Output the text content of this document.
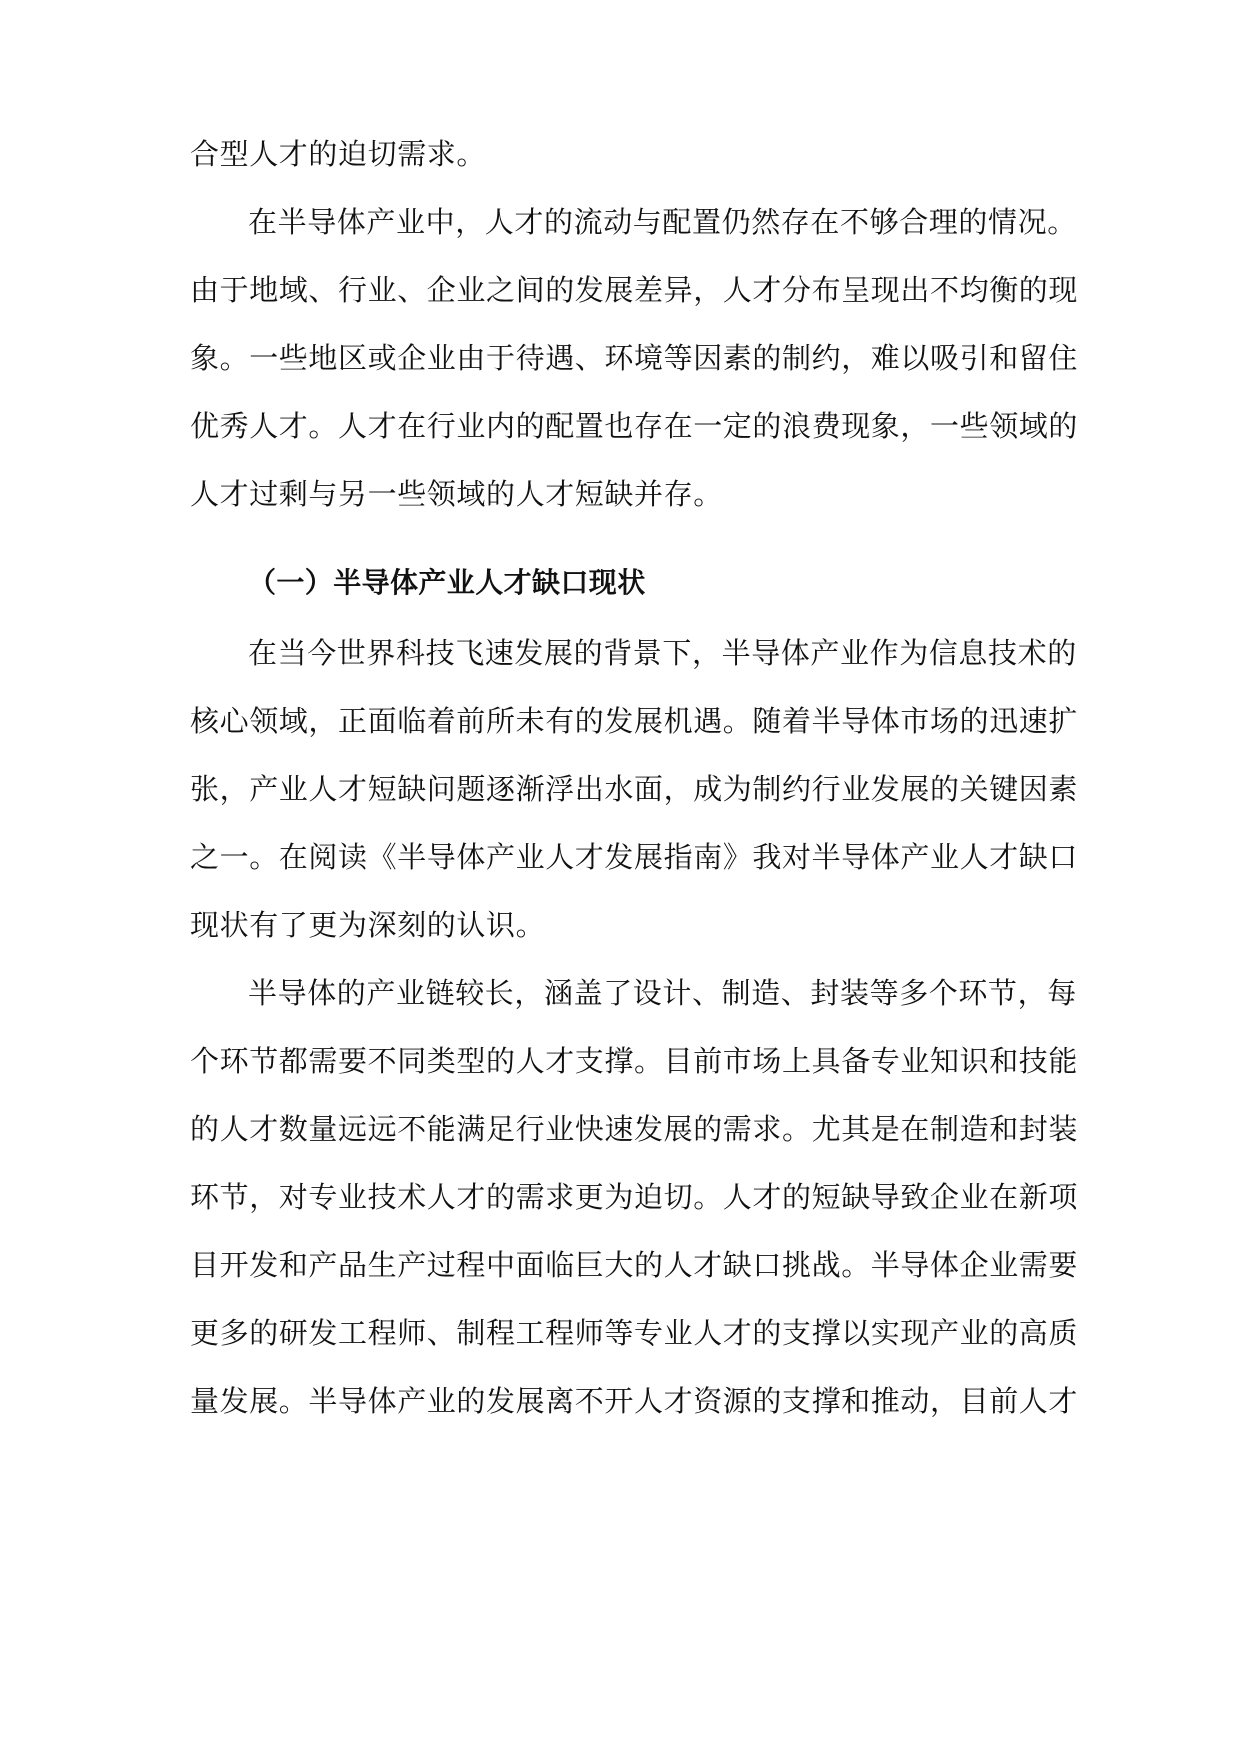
合型人才的迫切需求。
在半导体产业中，人才的流动与配置仍然存在不够合理的情况。
由于地域、行业、企业之间的发展差异，人才分布呈现出不均衡的现
象。一些地区或企业由于待遇、环境等因素的制约，难以吸引和留住
优秀人才。人才在行业内的配置也存在一定的浪费现象，一些领域的
人才过剩与另一些领域的人才短缺并存。
（一）半导体产业人才缺口现状
在当今世界科技飞速发展的背景下，半导体产业作为信息技术的
核心领域，正面临着前所未有的发展机遇。随着半导体市场的迅速扩
张，产业人才短缺问题逐渐浮出水面，成为制约行业发展的关键因素
之一。在阅读《半导体产业人才发展指南》我对半导体产业人才缺口
现状有了更为深刻的认识。
半导体的产业链较长，涵盖了设计、制造、封装等多个环节，每
个环节都需要不同类型的人才支撑。目前市场上具备专业知识和技能
的人才数量远远不能满足行业快速发展的需求。尤其是在制造和封装
环节，对专业技术人才的需求更为迫切。人才的短缺导致企业在新项
目开发和产品生产过程中面临巨大的人才缺口挑战。半导体企业需要
更多的研发工程师、制程工程师等专业人才的支撑以实现产业的高质
量发展。半导体产业的发展离不开人才资源的支撑和推动，目前人才
